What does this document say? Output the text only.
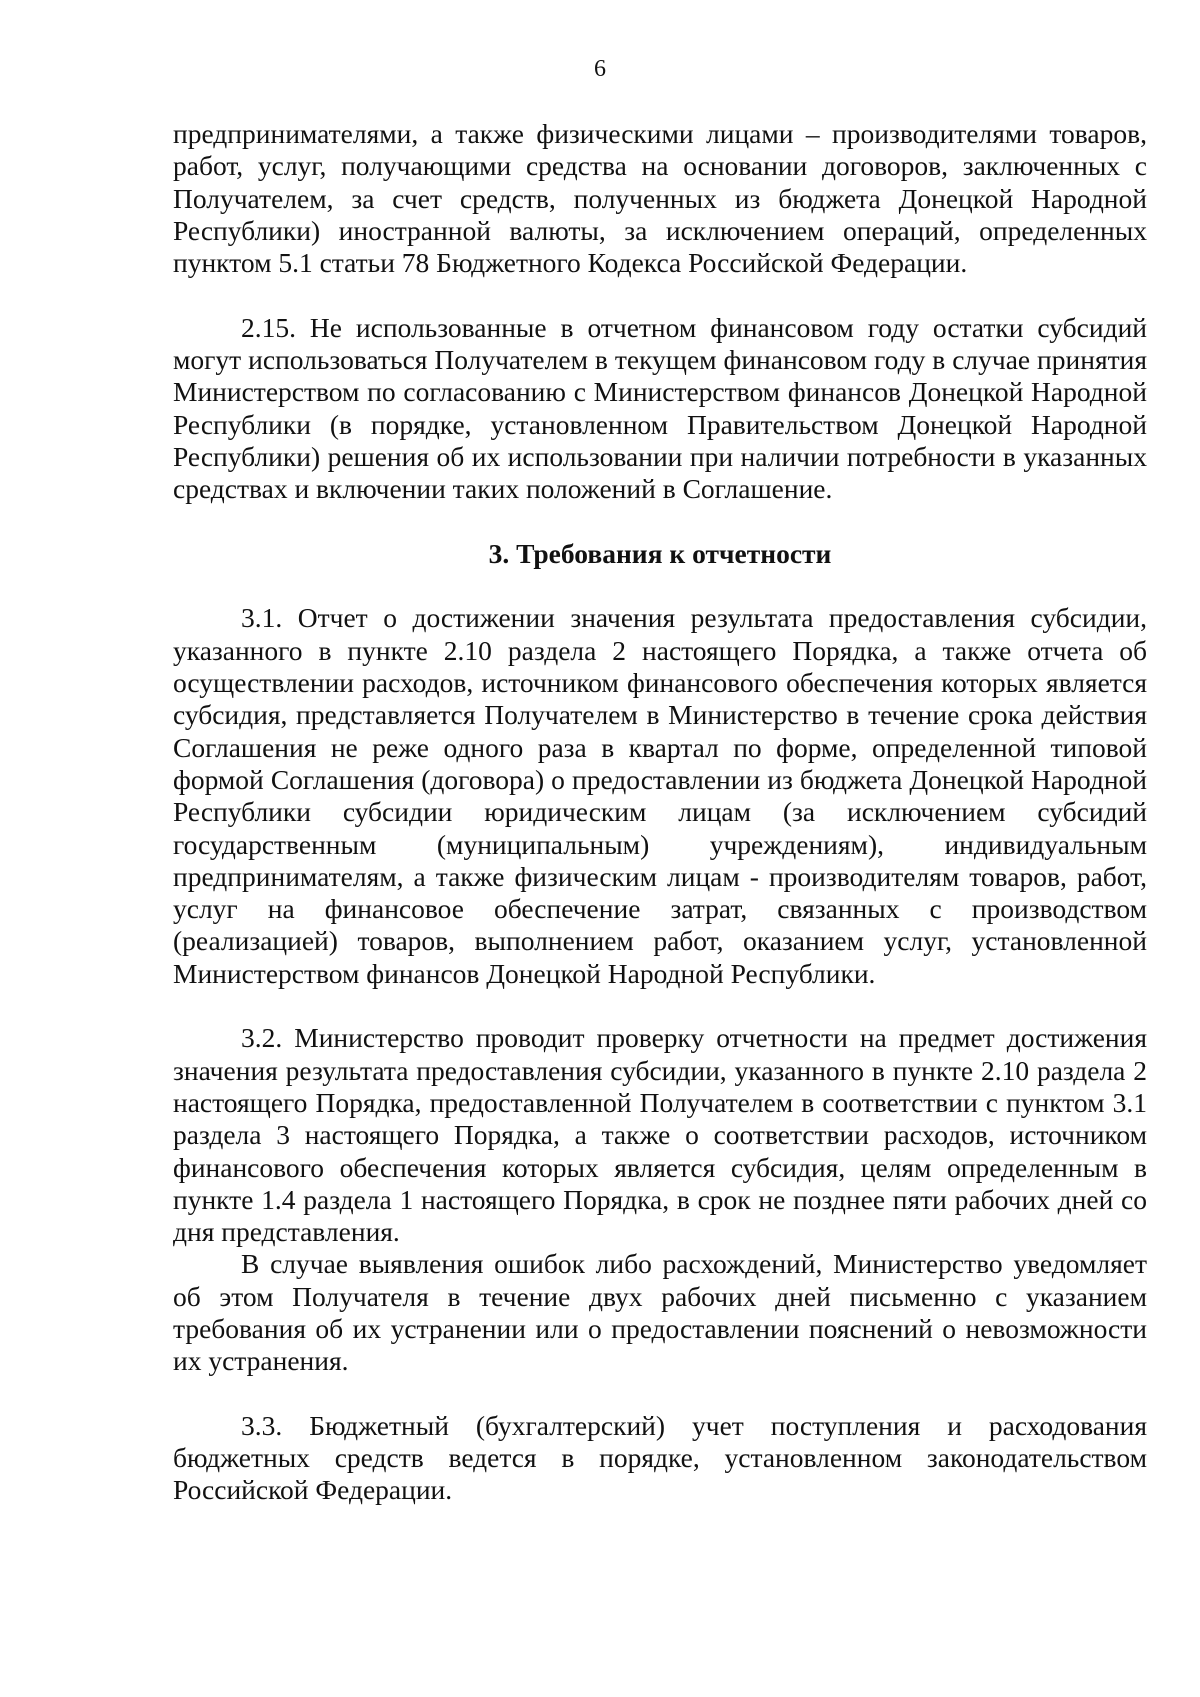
6

предпринимателями, а также физическими лицами – производителями товаров, работ, услуг, получающими средства на основании договоров, заключенных с Получателем, за счет средств, полученных из бюджета Донецкой Народной Республики) иностранной валюты, за исключением операций, определенных пунктом 5.1 статьи 78 Бюджетного Кодекса Российской Федерации.

2.15. Не использованные в отчетном финансовом году остатки субсидий могут использоваться Получателем в текущем финансовом году в случае принятия Министерством по согласованию с Министерством финансов Донецкой Народной Республики (в порядке, установленном Правительством Донецкой Народной Республики) решения об их использовании при наличии потребности в указанных средствах и включении таких положений в Соглашение.

3. Требования к отчетности

3.1. Отчет о достижении значения результата предоставления субсидии, указанного в пункте 2.10 раздела 2 настоящего Порядка, а также отчета об осуществлении расходов, источником финансового обеспечения которых является субсидия, представляется Получателем в Министерство в течение срока действия Соглашения не реже одного раза в квартал по форме, определенной типовой формой Соглашения (договора) о предоставлении из бюджета Донецкой Народной Республики субсидии юридическим лицам (за исключением субсидий государственным (муниципальным) учреждениям), индивидуальным предпринимателям, а также физическим лицам - производителям товаров, работ, услуг на финансовое обеспечение затрат, связанных с производством (реализацией) товаров, выполнением работ, оказанием услуг, установленной Министерством финансов Донецкой Народной Республики.

3.2. Министерство проводит проверку отчетности на предмет достижения значения результата предоставления субсидии, указанного в пункте 2.10 раздела 2 настоящего Порядка, предоставленной Получателем в соответствии с пунктом 3.1 раздела 3 настоящего Порядка, а также о соответствии расходов, источником финансового обеспечения которых является субсидия, целям определенным в пункте 1.4 раздела 1 настоящего Порядка, в срок не позднее пяти рабочих дней со дня представления.

В случае выявления ошибок либо расхождений, Министерство уведомляет об этом Получателя в течение двух рабочих дней письменно с указанием требования об их устранении или о предоставлении пояснений о невозможности их устранения.

3.3. Бюджетный (бухгалтерский) учет поступления и расходования бюджетных средств ведется в порядке, установленном законодательством Российской Федерации.
